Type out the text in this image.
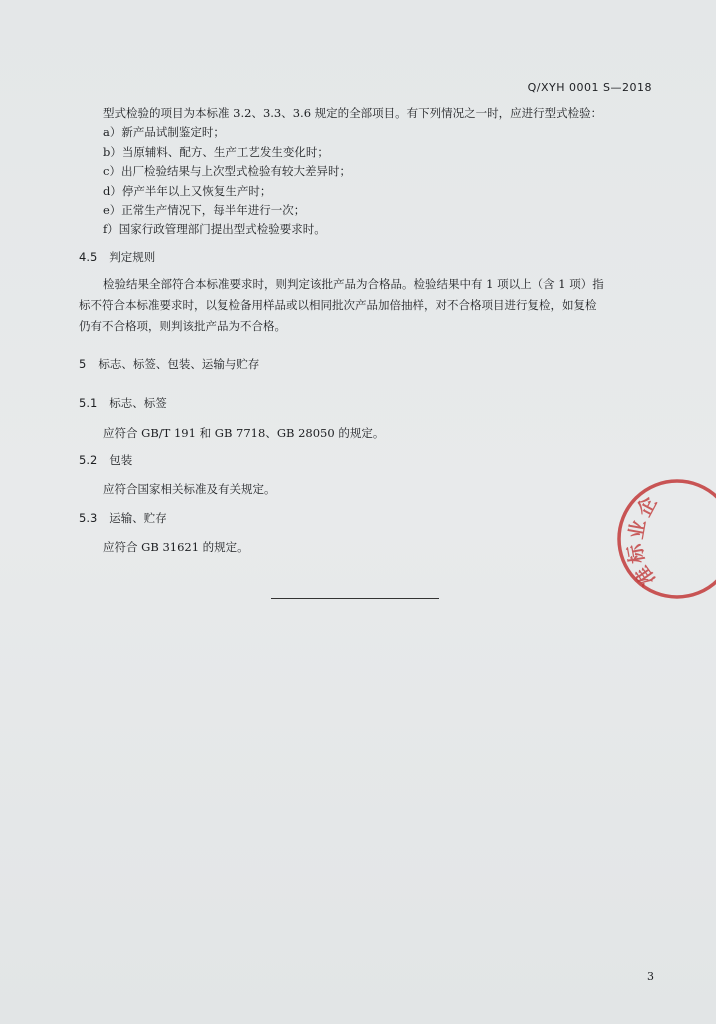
Q/XYH 0001 S—2018
型式检验的项目为本标准 3.2、3.3、3.6 规定的全部项目。有下列情况之一时，应进行型式检验：
a）新产品试制鉴定时；
b）当原辅料、配方、生产工艺发生变化时；
c）出厂检验结果与上次型式检验有较大差异时；
d）停产半年以上又恢复生产时；
e）正常生产情况下，每半年进行一次；
f）国家行政管理部门提出型式检验要求时。
4.5 判定规则
检验结果全部符合本标准要求时，则判定该批产品为合格品。检验结果中有 1 项以上（含 1 项）指
标不符合本标准要求时，以复检备用样品或以相同批次产品加倍抽样，对不合格项目进行复检，如复检
仍有不合格项，则判该批产品为不合格。
5 标志、标签、包装、运输与贮存
5.1 标志、标签
应符合 GB/T 191 和 GB 7718、GB 28050 的规定。
5.2 包装
应符合国家相关标准及有关规定。
5.3 运输、贮存
应符合 GB 31621 的规定。
企
业
标
准
3
